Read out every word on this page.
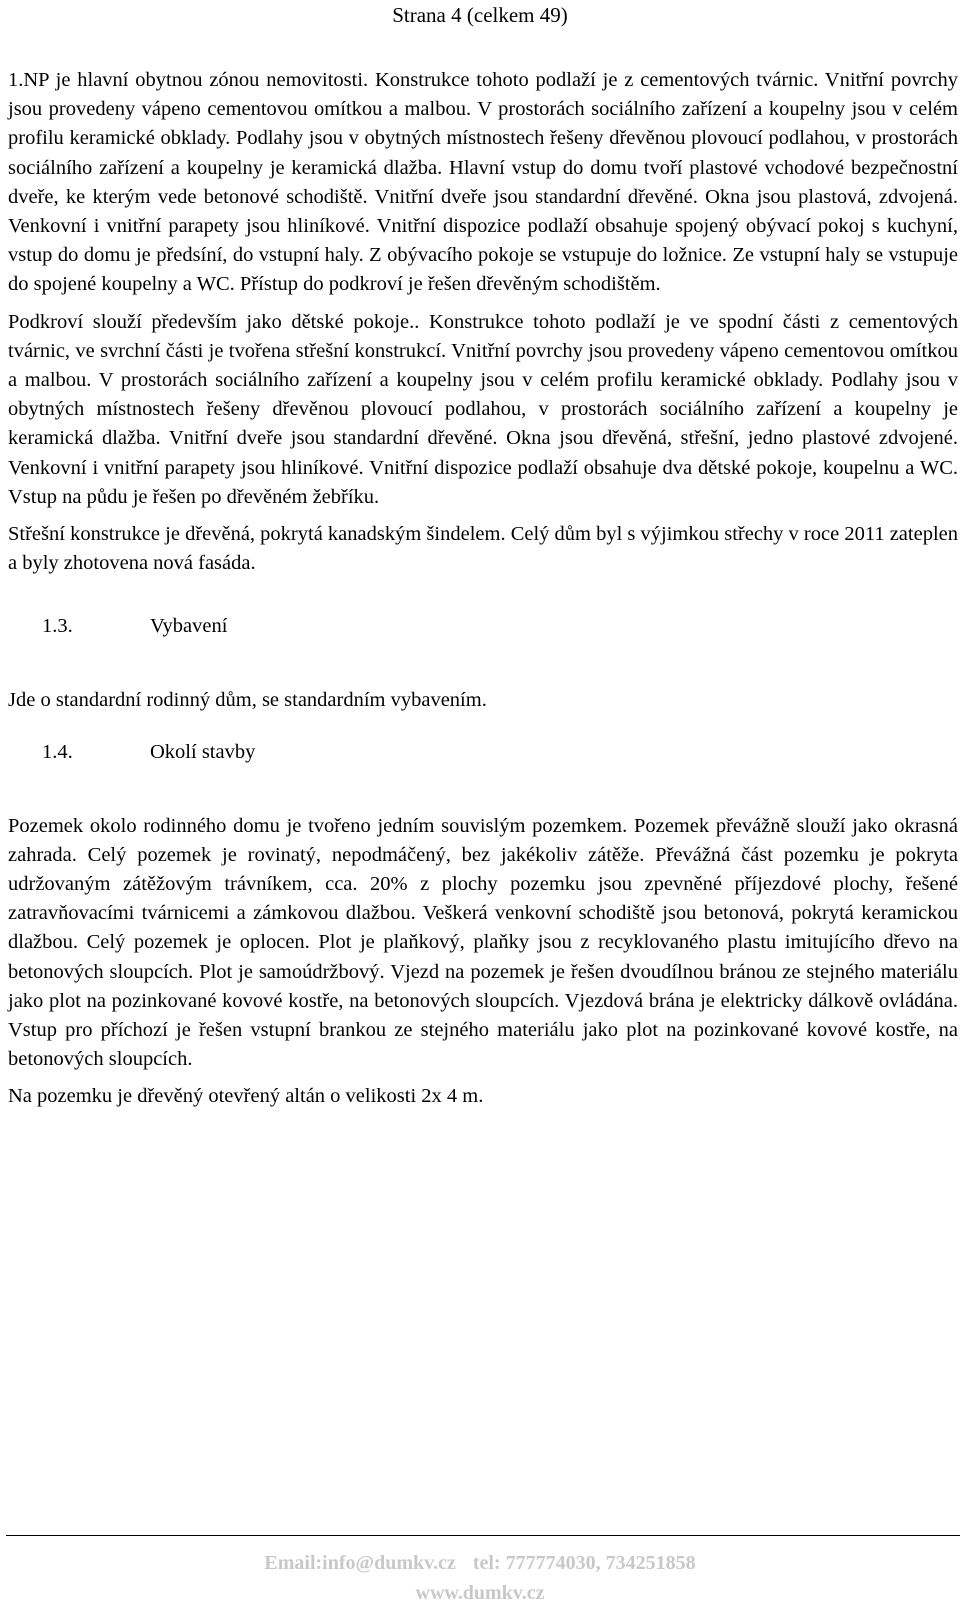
Strana 4 (celkem 49)

1.NP je hlavní obytnou zónou nemovitosti. Konstrukce tohoto podlaží je z cementových tvárnic. Vnitřní povrchy jsou provedeny vápeno cementovou omítkou a malbou. V prostorách sociálního zařízení a koupelny jsou v celém profilu keramické obklady. Podlahy jsou v obytných místnostech řešeny dřevěnou plovoucí podlahou, v prostorách sociálního zařízení a koupelny je keramická dlažba. Hlavní vstup do domu tvoří plastové vchodové bezpečnostní dveře, ke kterým vede betonové schodiště. Vnitřní dveře jsou standardní dřevěné. Okna jsou plastová, zdvojená. Venkovní i vnitřní parapety jsou hliníkové. Vnitřní dispozice podlaží obsahuje spojený obývací pokoj s kuchyní, vstup do domu je předsíní, do vstupní haly. Z obývacího pokoje se vstupuje do ložnice. Ze vstupní haly se vstupuje do spojené koupelny a WC. Přístup do podkroví je řešen dřevěným schodištěm.

Podkroví slouží především jako dětské pokoje.. Konstrukce tohoto podlaží je ve spodní části z cementových tvárnic, ve svrchní části je tvořena střešní konstrukcí. Vnitřní povrchy jsou provedeny vápeno cementovou omítkou a malbou. V prostorách sociálního zařízení a koupelny jsou v celém profilu keramické obklady. Podlahy jsou v obytných místnostech řešeny dřevěnou plovoucí podlahou, v prostorách sociálního zařízení a koupelny je keramická dlažba. Vnitřní dveře jsou standardní dřevěné. Okna jsou dřevěná, střešní, jedno plastové zdvojené. Venkovní i vnitřní parapety jsou hliníkové. Vnitřní dispozice podlaží obsahuje dva dětské pokoje, koupelnu a WC. Vstup na půdu je řešen po dřevěném žebříku.

Střešní konstrukce je dřevěná, pokrytá kanadským šindelem. Celý dům byl s výjimkou střechy v roce 2011 zateplen a byly zhotovena nová fasáda.

1.3.	Vybavení

Jde o standardní rodinný dům, se standardním vybavením.

1.4.	Okolí stavby

Pozemek okolo rodinného domu je tvořeno jedním souvislým pozemkem. Pozemek převážně slouží jako okrasná zahrada. Celý pozemek je rovinatý, nepodmáčený, bez jakékoliv zátěže. Převážná část pozemku je pokryta udržovaným zátěžovým trávníkem, cca. 20% z plochy pozemku jsou zpevněné příjezdové plochy, řešené zatravňovacími tvárnicemi a zámkovou dlažbou. Veškerá venkovní schodiště jsou betonová, pokrytá keramickou dlažbou. Celý pozemek je oplocen. Plot je plaňkový, plaňky jsou z recyklovaného plastu imitujícího dřevo na betonových sloupcích. Plot je samoúdržbový. Vjezd na pozemek je řešen dvoudílnou bránou ze stejného materiálu jako plot na pozinkované kovové kostře, na betonových sloupcích. Vjezdová brána je elektricky dálkově ovládána. Vstup pro příchozí je řešen vstupní brankou ze stejného materiálu jako plot na pozinkované kovové kostře, na betonových sloupcích.

Na pozemku je dřevěný otevřený altán o velikosti 2x 4 m.

Email:info@dumkv.cz tel: 777774030, 734251858
www.dumkv.cz
